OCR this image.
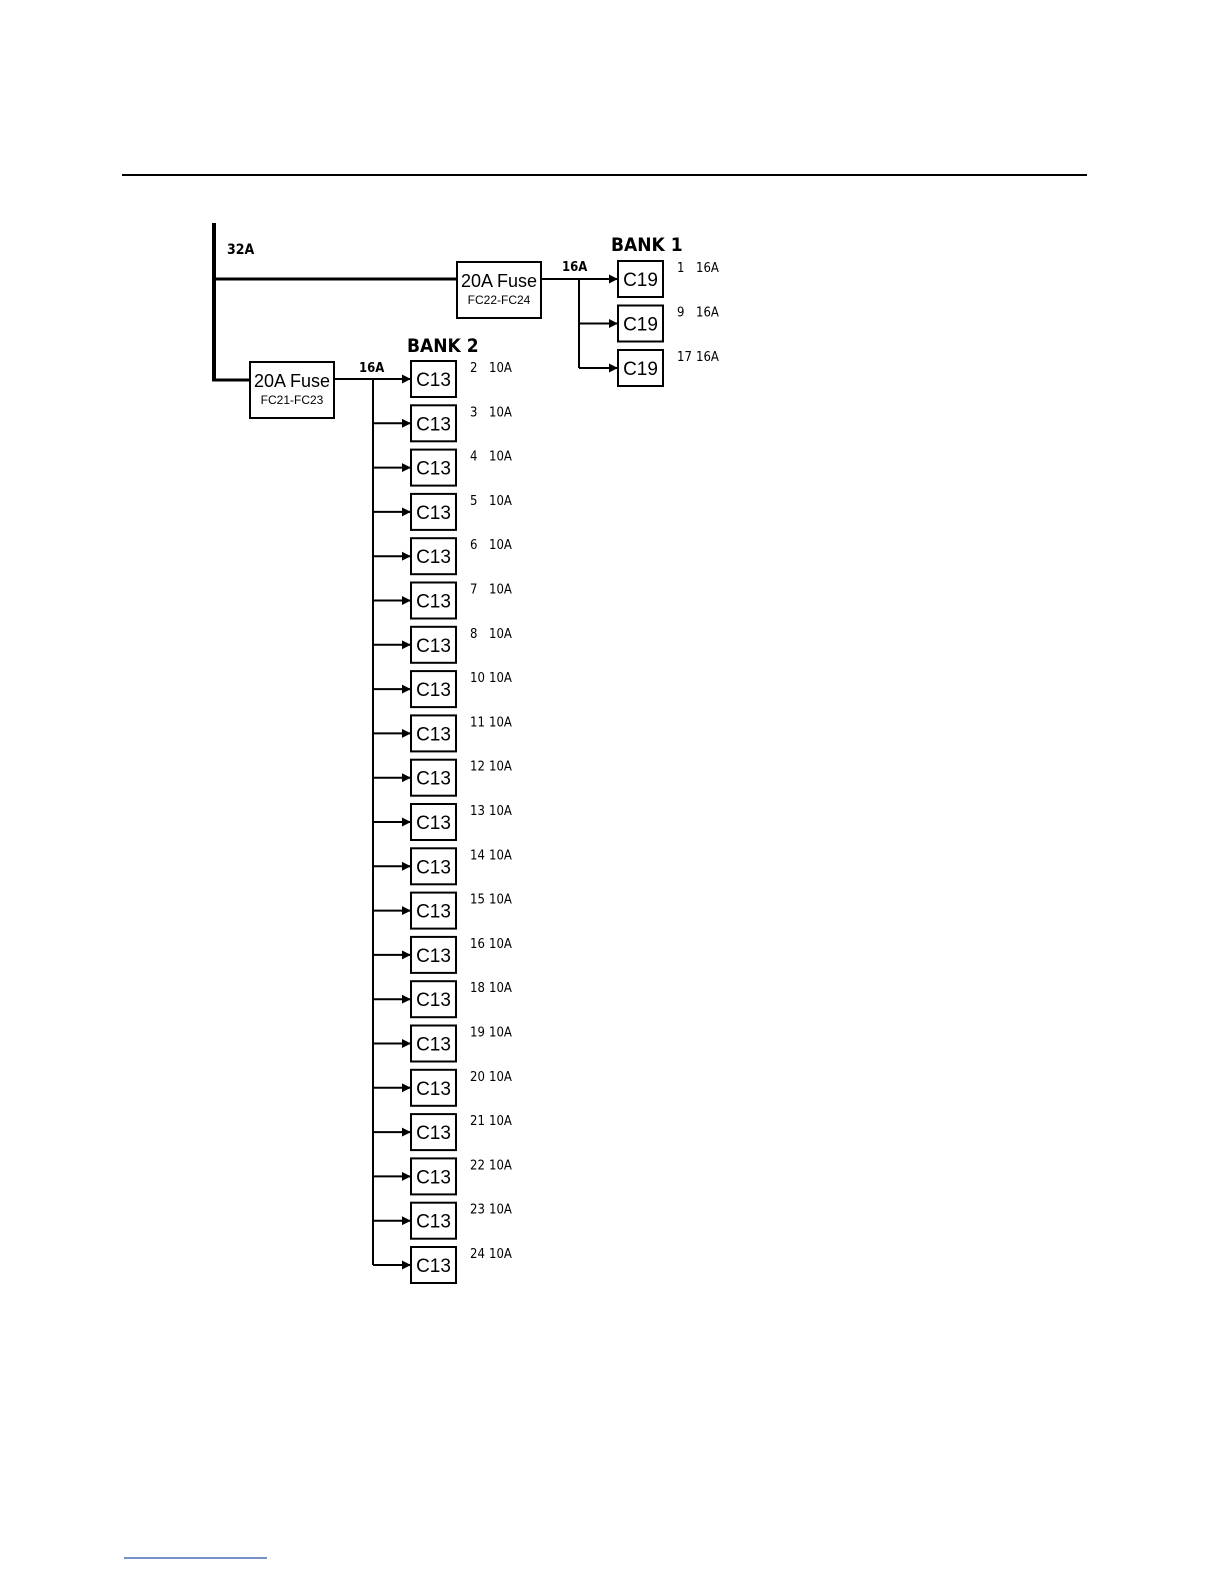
32A
20A Fuse
FC22-FC24
16A
BANK 1
C19
1 16A
C19
9 16A
C19
17 16A
20A Fuse
FC21-FC23
16A
BANK 2
C13
2 10A
C13
3 10A
C13
4 10A
C13
5 10A
C13
6 10A
C13
7 10A
C13
8 10A
C13
10 10A
C13
11 10A
C13
12 10A
C13
13 10A
C13
14 10A
C13
15 10A
C13
16 10A
C13
18 10A
C13
19 10A
C13
20 10A
C13
21 10A
C13
22 10A
C13
23 10A
C13
24 10A
